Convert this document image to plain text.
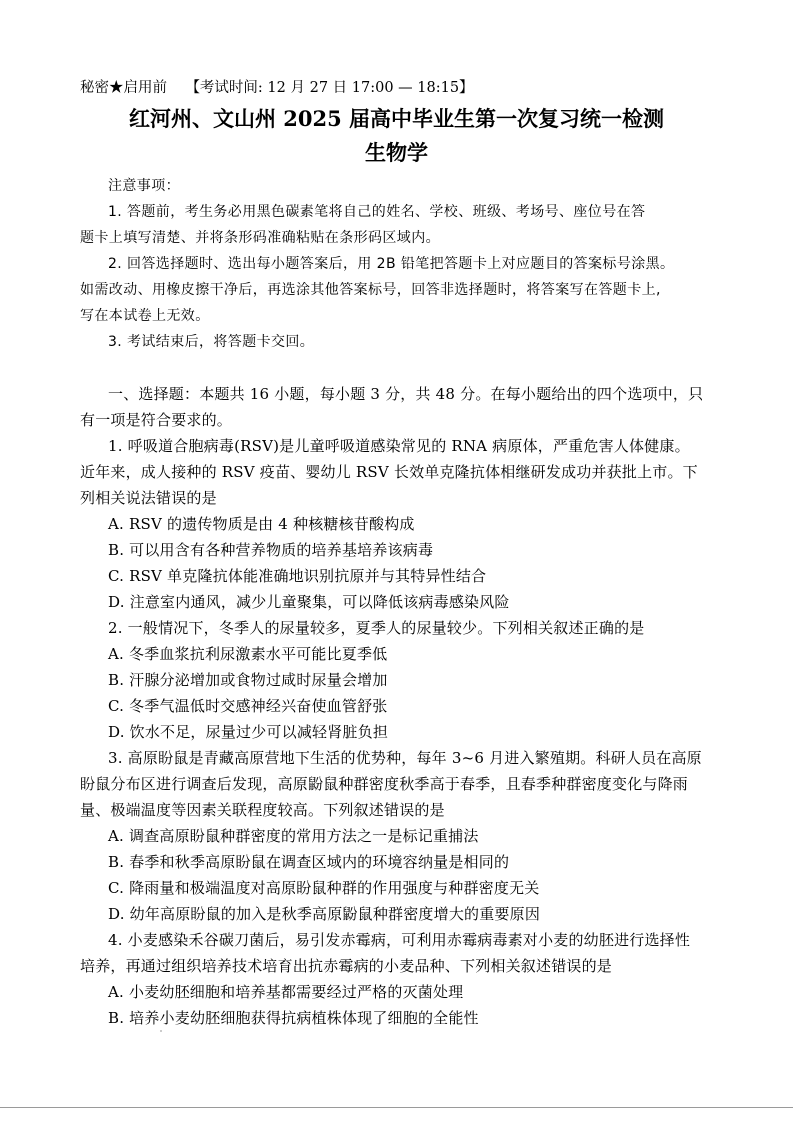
秘密★启用前 【考试时间: 12 月 27 日 17:00 — 18:15】
红河州、文山州 2025 届高中毕业生第一次复习统一检测
生物学
注意事项：
1. 答题前，考生务必用黑色碳素笔将自己的姓名、学校、班级、考场号、座位号在答
题卡上填写清楚、并将条形码准确粘贴在条形码区域内。
2. 回答选择题时、选出每小题答案后，用 2B 铅笔把答题卡上对应题目的答案标号涂黑。
如需改动、用橡皮擦干净后，再选涂其他答案标号，回答非选择题时，将答案写在答题卡上,
写在本试卷上无效。
3. 考试结束后，将答题卡交回。
一、选择题：本题共 16 小题，每小题 3 分，共 48 分。在每小题给出的四个选项中，只
有一项是符合要求的。
1. 呼吸道合胞病毒(RSV)是儿童呼吸道感染常见的 RNA 病原体，严重危害人体健康。
近年来，成人接种的 RSV 疫苗、婴幼儿 RSV 长效单克隆抗体相继研发成功并获批上市。下
列相关说法错误的是
A. RSV 的遗传物质是由 4 种核糖核苷酸构成
B. 可以用含有各种营养物质的培养基培养该病毒
C. RSV 单克隆抗体能准确地识别抗原并与其特异性结合
D. 注意室内通风，减少儿童聚集，可以降低该病毒感染风险
2. 一般情况下，冬季人的尿量较多，夏季人的尿量较少。下列相关叙述正确的是
A. 冬季血浆抗利尿激素水平可能比夏季低
B. 汗腺分泌增加或食物过咸时尿量会增加
C. 冬季气温低时交感神经兴奋使血管舒张
D. 饮水不足，尿量过少可以减轻肾脏负担
3. 高原盼鼠是青藏高原营地下生活的优势种，每年 3~6 月进入繁殖期。科研人员在高原
盼鼠分布区进行调查后发现，高原鼢鼠种群密度秋季高于春季，且春季种群密度变化与降雨
量、极端温度等因素关联程度较高。下列叙述错误的是
A. 调查高原盼鼠种群密度的常用方法之一是标记重捕法
B. 春季和秋季高原盼鼠在调查区域内的环境容纳量是相同的
C. 降雨量和极端温度对高原盼鼠种群的作用强度与种群密度无关
D. 幼年高原盼鼠的加入是秋季高原鼢鼠种群密度增大的重要原因
4. 小麦感染禾谷碳刀菌后，易引发赤霉病，可利用赤霉病毒素对小麦的幼胚进行选择性
培养，再通过组织培养技术培育出抗赤霉病的小麦品种、下列相关叙述错误的是
A. 小麦幼胚细胞和培养基都需要经过严格的灭菌处理
B. 培养小麦幼胚细胞获得抗病植株体现了细胞的全能性
